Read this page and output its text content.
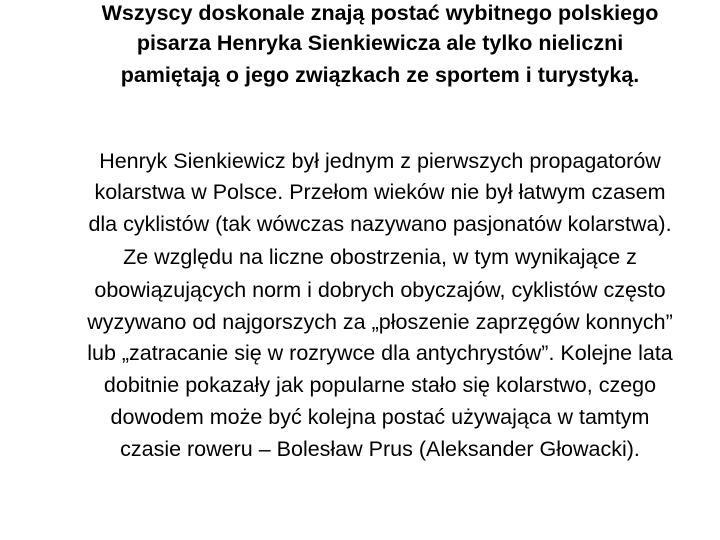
Wszyscy doskonale znają postać wybitnego polskiego
pisarza Henryka Sienkiewicza ale tylko nieliczni
pamiętają o jego związkach ze sportem i turystyką.
Henryk Sienkiewicz był jednym z pierwszych propagatorów
kolarstwa w Polsce. Przełom wieków nie był łatwym czasem
dla cyklistów (tak wówczas nazywano pasjonatów kolarstwa).
Ze względu na liczne obostrzenia, w tym wynikające z
obowiązujących norm i dobrych obyczajów, cyklistów często
wyzywano od najgorszych za „płoszenie zaprzęgów konnych”
lub „zatracanie się w rozrywce dla antychrystów”. Kolejne lata
dobitnie pokazały jak popularne stało się kolarstwo, czego
dowodem może być kolejna postać używająca w tamtym
czasie roweru – Bolesław Prus (Aleksander Głowacki).
